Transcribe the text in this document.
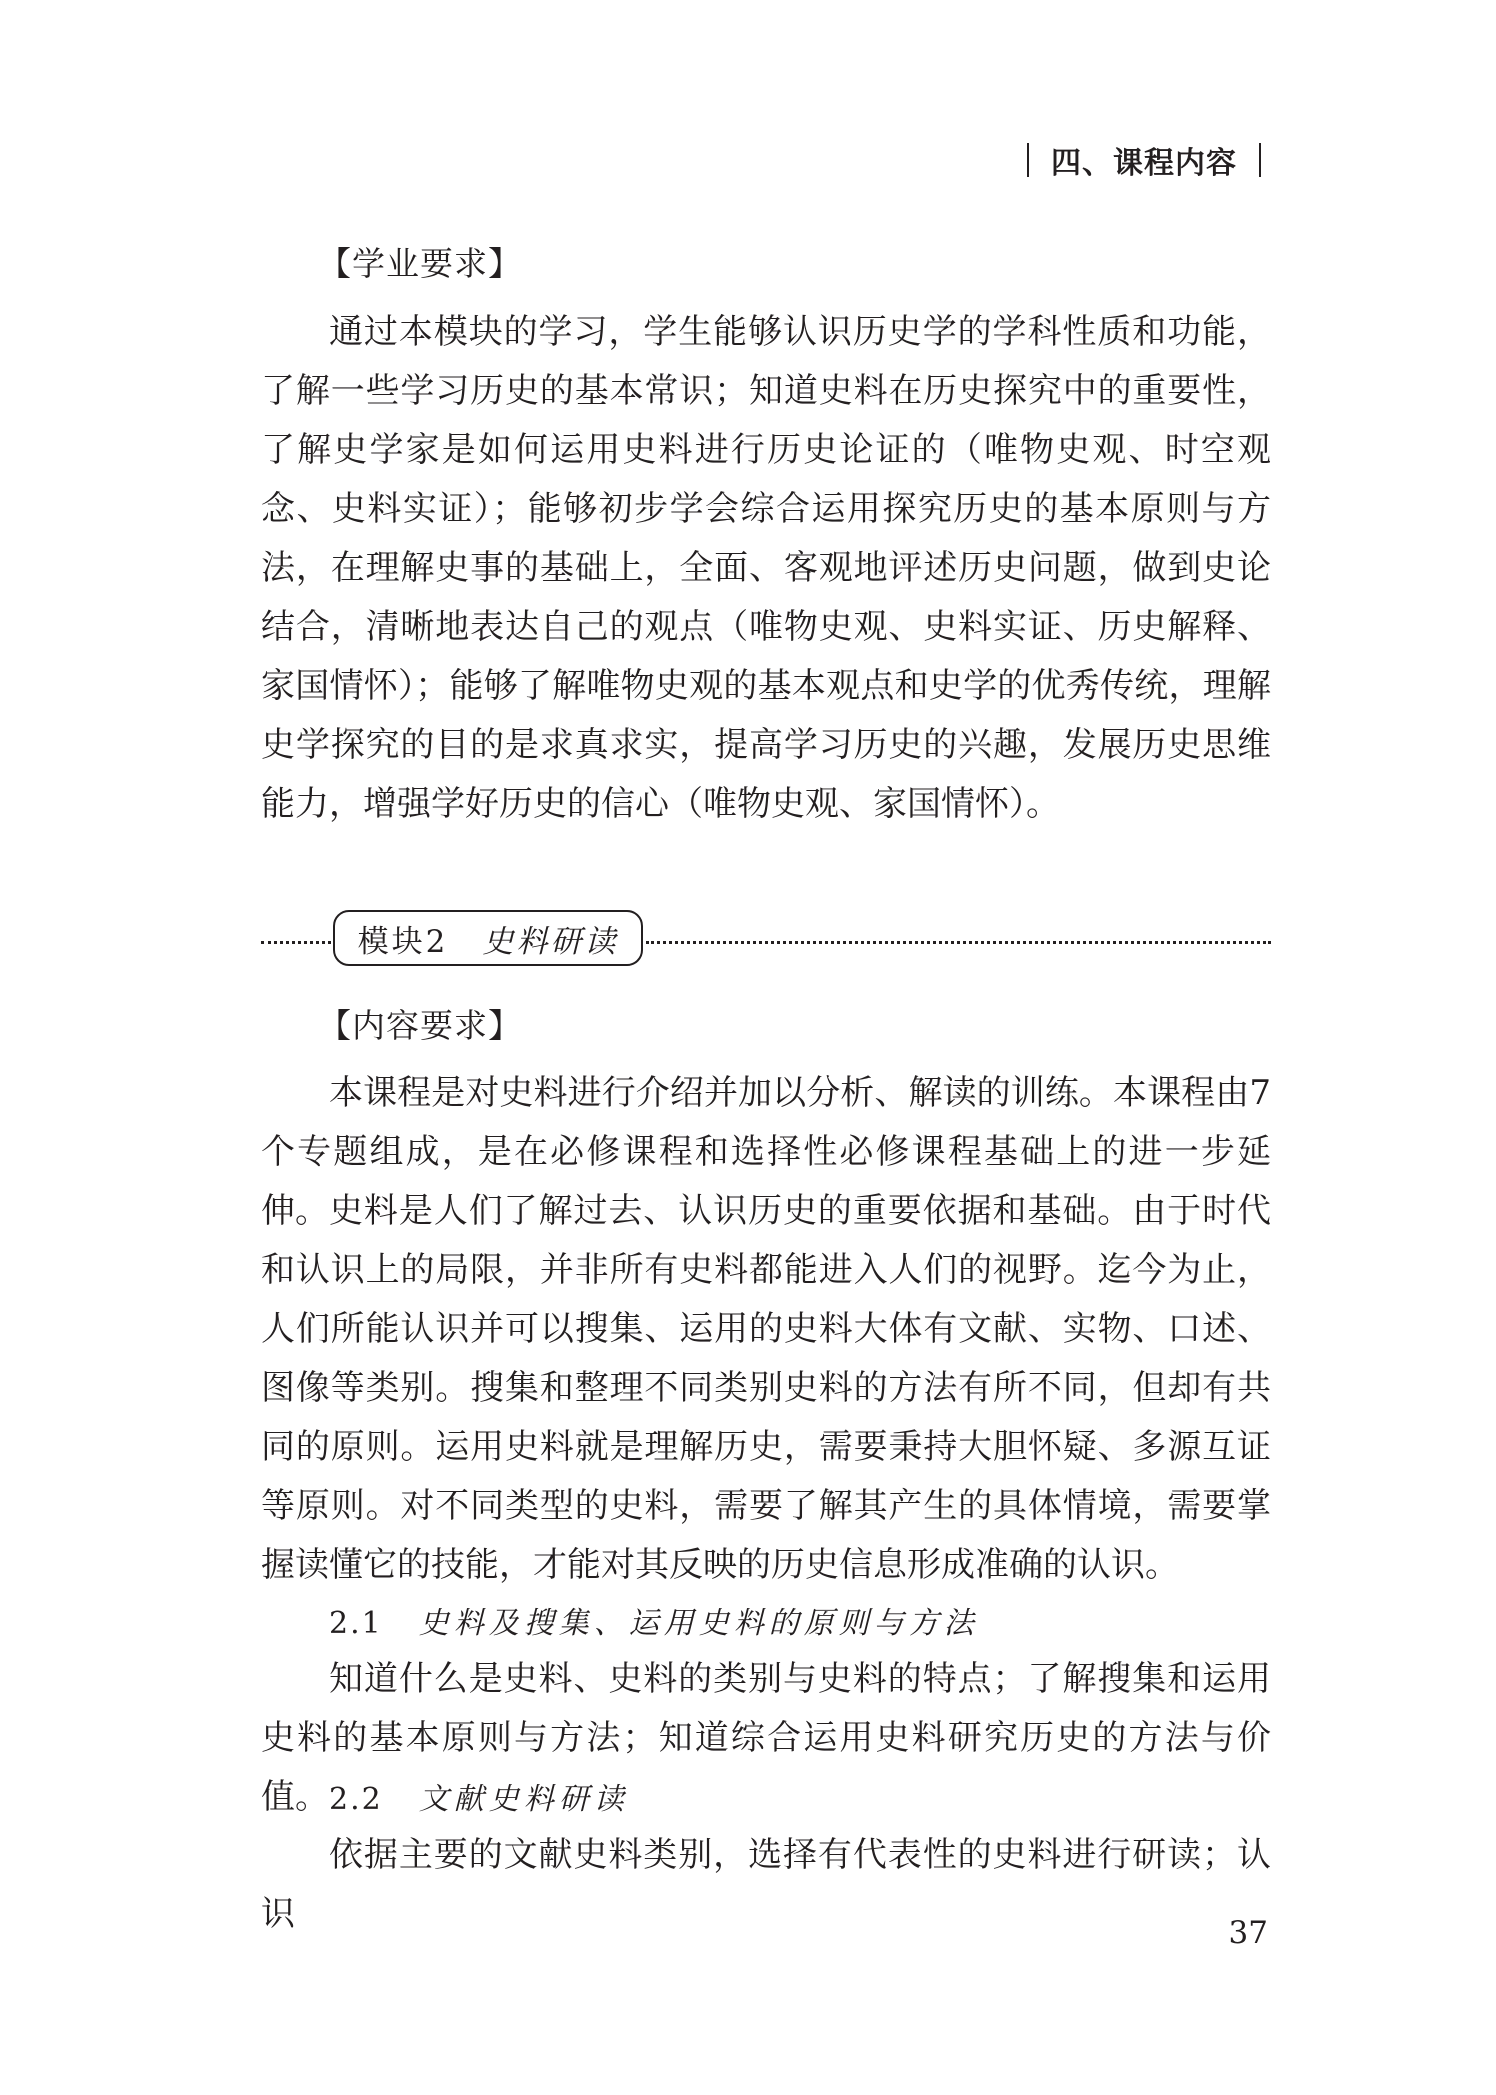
四、课程内容
【学业要求】

通过本模块的学习，学生能够认识历史学的学科性质和功能，了解一些学习历史的基本常识；知道史料在历史探究中的重要性，了解史学家是如何运用史料进行历史论证的（唯物史观、时空观念、史料实证）；能够初步学会综合运用探究历史的基本原则与方法，在理解史事的基础上，全面、客观地评述历史问题，做到史论结合，清晰地表达自己的观点（唯物史观、史料实证、历史解释、家国情怀）；能够了解唯物史观的基本观点和史学的优秀传统，理解史学探究的目的是求真求实，提高学习历史的兴趣，发展历史思维能力，增强学好历史的信心（唯物史观、家国情怀）。

模块2 史料研读
【内容要求】

本课程是对史料进行介绍并加以分析、解读的训练。本课程由7个专题组成，是在必修课程和选择性必修课程基础上的进一步延伸。 史料是人们了解过去、认识历史的重要依据和基础。由于时代和认识上的局限，并非所有史料都能进入人们的视野。迄今为止，人们所能认识并可以搜集、运用的史料大体有文献、实物、口述、图像等类别。搜集和整理不同类别史料的方法有所不同，但却有共同的原则。运用史料就是理解历史，需要秉持大胆怀疑、多源互证等原则。对不同类型的史料，需要了解其产生的具体情境，需要掌握读懂它的技能，才能对其反映的历史信息形成准确的认识。

2.1 史料及搜集、运用史料的原则与方法

知道什么是史料、史料的类别与史料的特点；了解搜集和运用史料的基本原则与方法；知道综合运用史料研究历史的方法与价值。 2.2 文献史料研读

依据主要的文献史料类别，选择有代表性的史料进行研读；认识	37
